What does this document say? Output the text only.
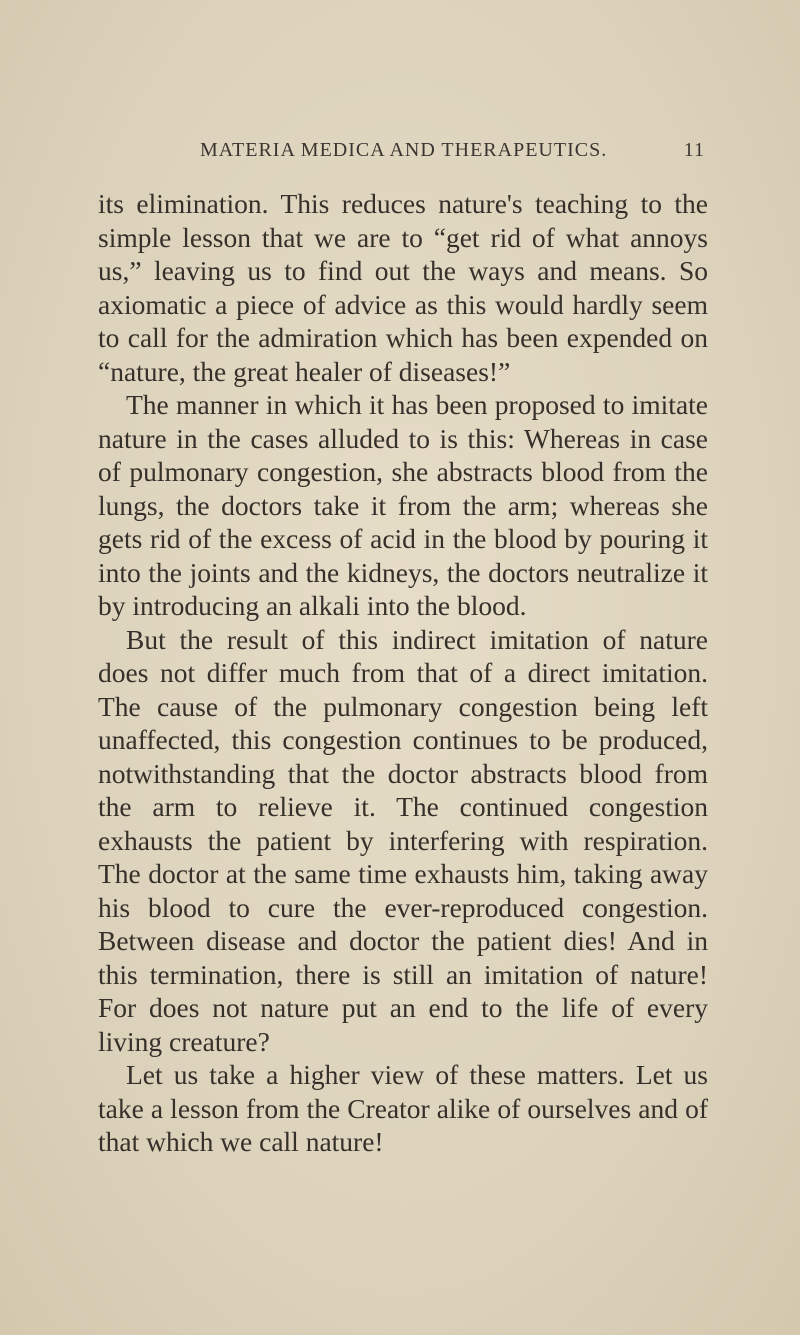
MATERIA MEDICA AND THERAPEUTICS.	11

its elimination. This reduces nature's teaching to the simple lesson that we are to “get rid of what annoys us,” leaving us to find out the ways and means. So axiomatic a piece of advice as this would hardly seem to call for the admiration which has been expended on “nature, the great healer of diseases!”

The manner in which it has been proposed to imitate nature in the cases alluded to is this: Whereas in case of pulmonary congestion, she abstracts blood from the lungs, the doctors take it from the arm; whereas she gets rid of the excess of acid in the blood by pouring it into the joints and the kidneys, the doctors neutralize it by introducing an alkali into the blood.

But the result of this indirect imitation of nature does not differ much from that of a direct imitation. The cause of the pulmonary congestion being left unaffected, this congestion continues to be produced, notwithstanding that the doctor abstracts blood from the arm to relieve it. The continued congestion exhausts the patient by interfering with respiration. The doctor at the same time exhausts him, taking away his blood to cure the ever-reproduced congestion. Between disease and doctor the patient dies! And in this termination, there is still an imitation of nature! For does not nature put an end to the life of every living creature?

Let us take a higher view of these matters. Let us take a lesson from the Creator alike of ourselves and of that which we call nature!
